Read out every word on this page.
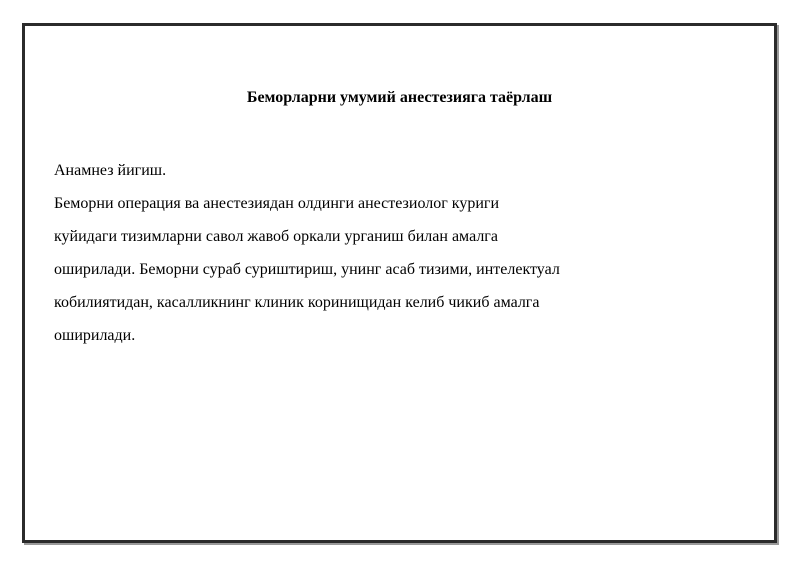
Беморларни умумий анестезияга таёрлаш
Анамнез йигиш.
Беморни операция ва анестезиядан олдинги анестезиолог куриги
куйидаги тизимларни савол жавоб оркали урганиш билан амалга
оширилади. Беморни сураб суриштириш, унинг асаб тизими, интелектуал
кобилиятидан, касалликнинг клиник коринищидан келиб чикиб амалга
оширилади.
